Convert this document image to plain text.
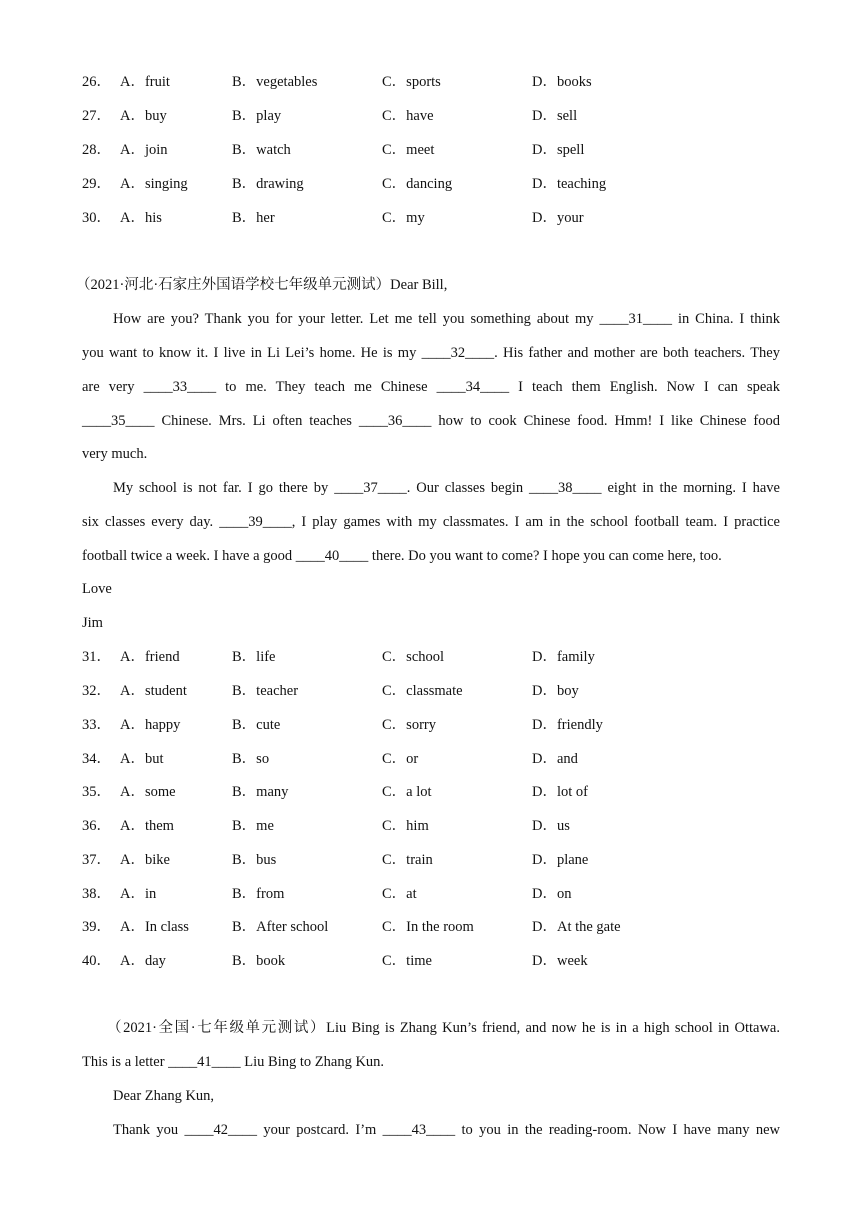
26． A．fruit	B．vegetables	C．sports	D．books
27． A．buy	B．play	C．have	D．sell
28． A．join	B．watch	C．meet	D．spell
29． A．singing	B．drawing	C．dancing	D．teaching
30． A．his	B．her	C．my	D．your
（2021·河北·石家庄外国语学校七年级单元测试）Dear Bill,
How are you? Thank you for your letter. Let me tell you something about my ____31____ in China. I think
you want to know it. I live in Li Lei’s home. He is my ____32____. His father and mother are both teachers. They
are very ____33____ to me. They teach me Chinese ____34____ I teach them English. Now I can speak
____35____ Chinese. Mrs. Li often teaches ____36____ how to cook Chinese food. Hmm! I like Chinese food
very much.
My school is not far. I go there by ____37____. Our classes begin ____38____ eight in the morning. I have
six classes every day. ____39____, I play games with my classmates. I am in the school football team. I practice
football twice a week. I have a good ____40____ there. Do you want to come? I hope you can come here, too.
Love
Jim
31． A．friend	B．life	C．school	D．family
32． A．student	B．teacher	C．classmate	D．boy
33． A．happy	B．cute	C．sorry	D．friendly
34． A．but	B．so	C．or	D．and
35． A．some	B．many	C．a lot	D．lot of
36． A．them	B．me	C．him	D．us
37． A．bike	B．bus	C．train	D．plane
38． A．in	B．from	C．at	D．on
39． A．In class	B．After school	C．In the room	D．At the gate
40． A．day	B．book	C．time	D．week
（2021·全国·七年级单元测试）Liu Bing is Zhang Kun’s friend, and now he is in a high school in Ottawa.
This is a letter ____41____ Liu Bing to Zhang Kun.
Dear Zhang Kun,
Thank you ____42____ your postcard. I’m ____43____ to you in the reading-room. Now I have many new
